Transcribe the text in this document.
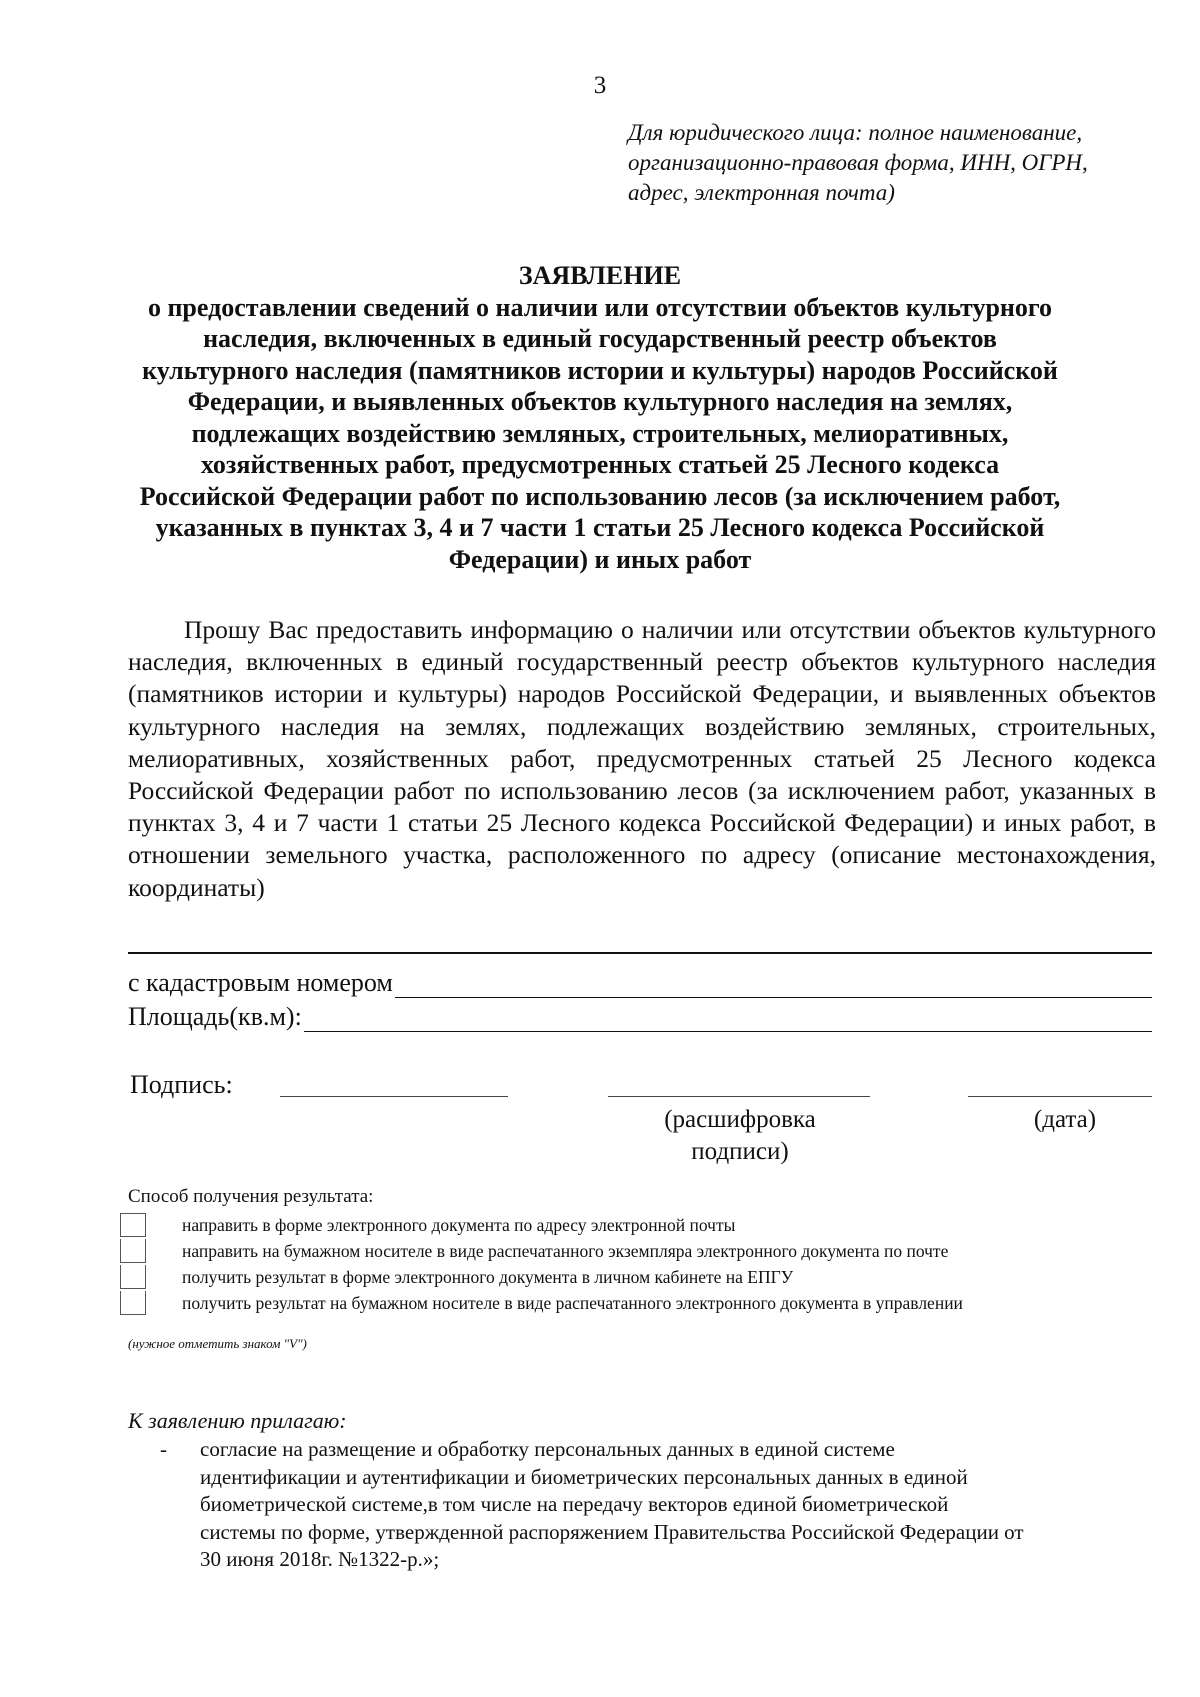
3
Для юридического лица: полное наименование,
организационно-правовая форма, ИНН, ОГРН,
адрес, электронная почта)
ЗАЯВЛЕНИЕ
о предоставлении сведений о наличии или отсутствии объектов культурного
наследия, включенных в единый государственный реестр объектов
культурного наследия (памятников истории и культуры) народов Российской
Федерации, и выявленных объектов культурного наследия на землях,
подлежащих воздействию земляных, строительных, мелиоративных,
хозяйственных работ, предусмотренных статьей 25 Лесного кодекса
Российской Федерации работ по использованию лесов (за исключением работ,
указанных в пунктах 3, 4 и 7 части 1 статьи 25 Лесного кодекса Российской
Федерации) и иных работ
Прошу Вас предоставить информацию о наличии или отсутствии объектов культурного наследия, включенных в единый государственный реестр объектов культурного наследия (памятников истории и культуры) народов Российской Федерации, и выявленных объектов культурного наследия на землях, подлежащих воздействию земляных, строительных, мелиоративных, хозяйственных работ, предусмотренных статьей 25 Лесного кодекса Российской Федерации работ по использованию лесов (за исключением работ, указанных в пунктах 3, 4 и 7 части 1 статьи 25 Лесного кодекса Российской Федерации) и иных работ, в отношении земельного участка, расположенного по адресу (описание местонахождения, координаты)
с кадастровым номером
Площадь(кв.м):
Подпись:
(расшифровка
подписи)
(дата)
Способ получения результата:
направить в форме электронного документа по адресу электронной почты
направить на бумажном носителе в виде распечатанного экземпляра электронного документа по почте
получить результат в форме электронного документа в личном кабинете на ЕПГУ
получить результат на бумажном носителе в виде распечатанного электронного документа в управлении
(нужное отметить знаком "V")
К заявлению прилагаю:
- согласие на размещение и обработку персональных данных в единой системе
идентификации и аутентификации и биометрических персональных данных в единой
биометрической системе,в том числе на передачу векторов единой биометрической
системы по форме, утвержденной распоряжением Правительства Российской Федерации от
30 июня 2018г. №1322-р.»;
